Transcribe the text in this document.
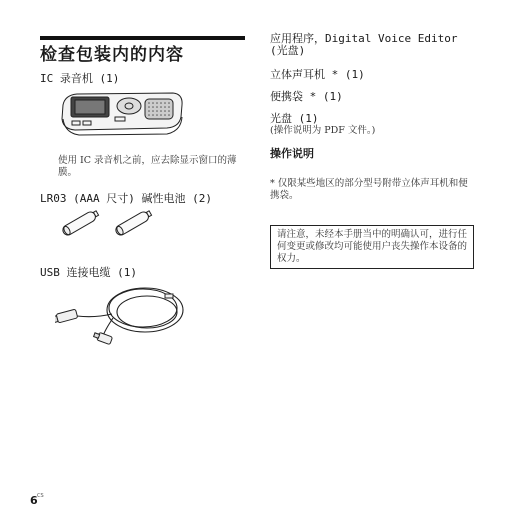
检查包装内的内容
IC 录音机 (1)
使用 IC 录音机之前，应去除显示窗口的薄膜。
LR03 (AAA 尺寸) 碱性电池 (2)
USB 连接电缆 (1)
应用程序，Digital Voice Editor
(光盘)
立体声耳机 * (1)
便携袋 * (1)
光盘 (1)
(操作说明为 PDF 文件。)
操作说明
* 仅限某些地区的部分型号附带立体声耳机和便携袋。
请注意，未经本手册当中的明确认可，进行任何变更或修改均可能使用户丧失操作本设备的权力。
6 CS
